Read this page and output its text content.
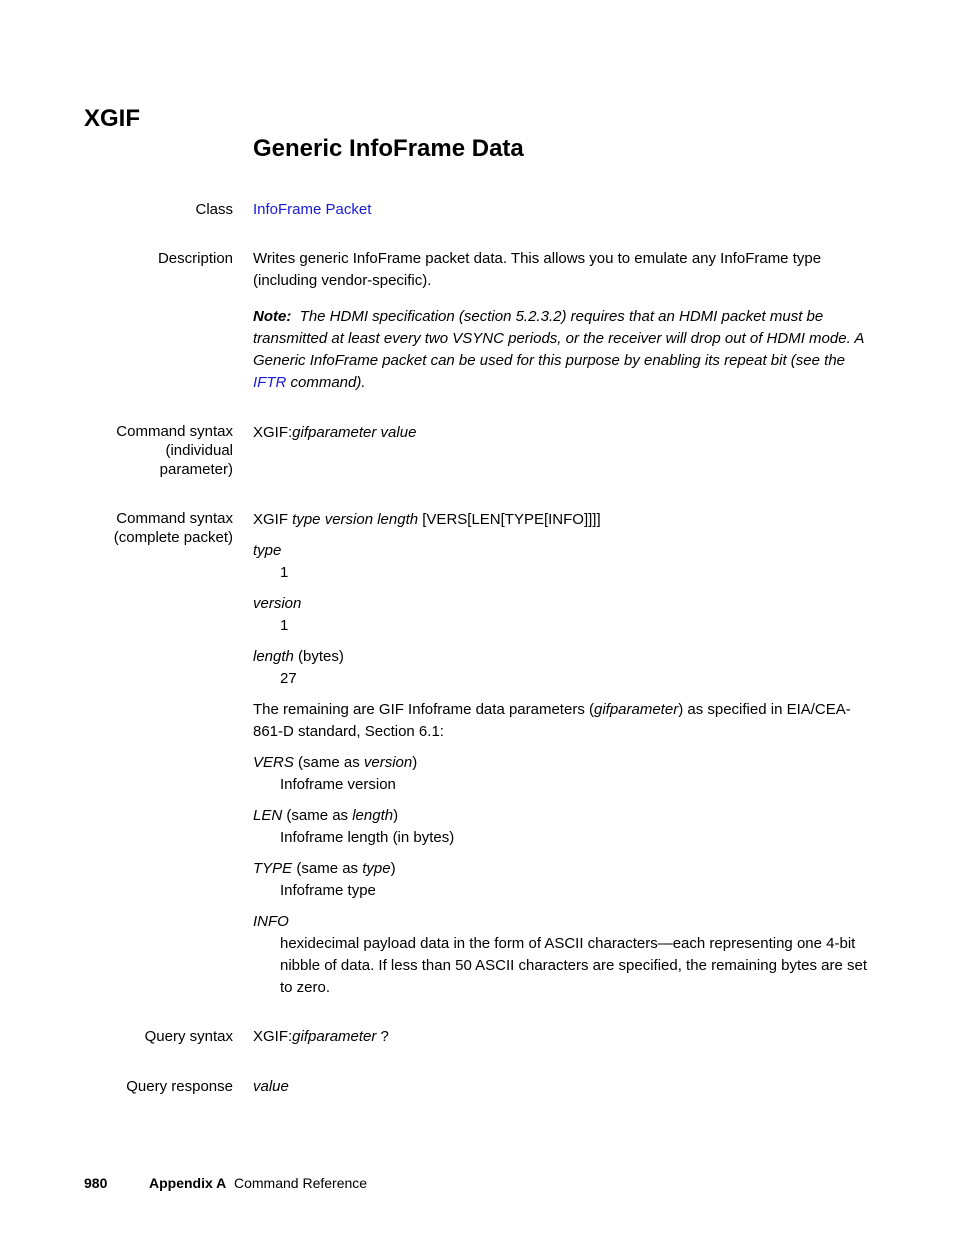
XGIF
Generic InfoFrame Data
Class InfoFrame Packet
Description Writes generic InfoFrame packet data. This allows you to emulate any InfoFrame type (including vendor-specific).
Note: The HDMI specification (section 5.2.3.2) requires that an HDMI packet must be transmitted at least every two VSYNC periods, or the receiver will drop out of HDMI mode. A Generic InfoFrame packet can be used for this purpose by enabling its repeat bit (see the IFTR command).
Command syntax
(individual
parameter)
XGIF:gifparameter value
Command syntax
(complete packet)
XGIF type version length [VERS[LEN[TYPE[INFO]]]]
type
1
version
1
length (bytes)
27
The remaining are GIF Infoframe data parameters (gifparameter) as specified in EIA/CEA-861-D standard, Section 6.1:
VERS (same as version)
Infoframe version
LEN (same as length)
Infoframe length (in bytes)
TYPE (same as type)
Infoframe type
INFO
hexidecimal payload data in the form of ASCII characters—each representing one 4-bit nibble of data. If less than 50 ASCII characters are specified, the remaining bytes are set to zero.
Query syntax XGIF:gifparameter ?
Query response value
980	Appendix A Command Reference
